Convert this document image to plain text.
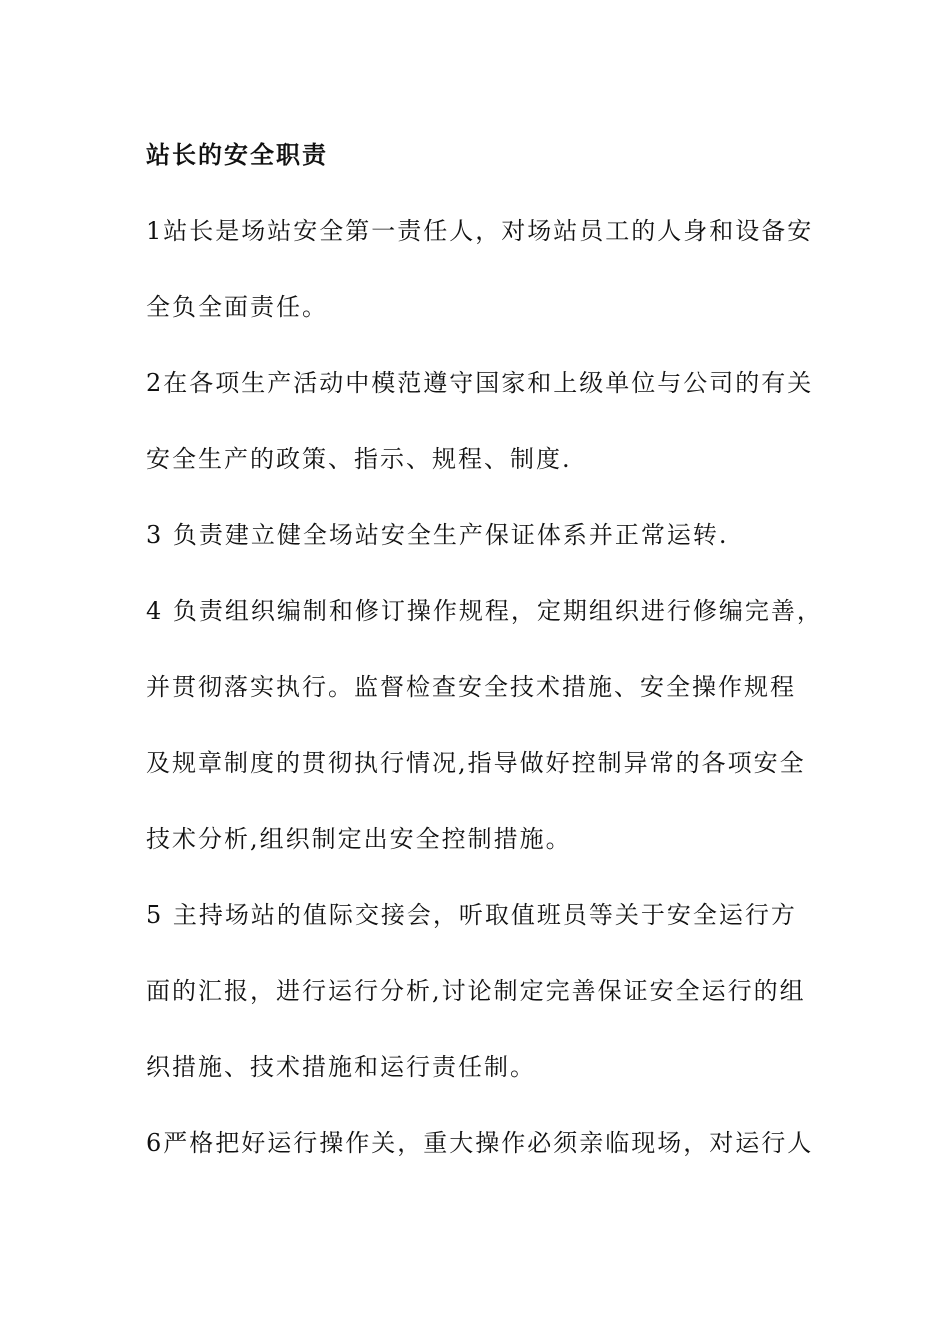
站长的安全职责
1站长是场站安全第一责任人，对场站员工的人身和设备安
全负全面责任。
2在各项生产活动中模范遵守国家和上级单位与公司的有关
安全生产的政策、指示、规程、制度.
3 负责建立健全场站安全生产保证体系并正常运转.
4 负责组织编制和修订操作规程，定期组织进行修编完善，
并贯彻落实执行。监督检查安全技术措施、安全操作规程
及规章制度的贯彻执行情况,指导做好控制异常的各项安全
技术分析,组织制定出安全控制措施。
5 主持场站的值际交接会，听取值班员等关于安全运行方
面的汇报，进行运行分析,讨论制定完善保证安全运行的组
织措施、技术措施和运行责任制。
6严格把好运行操作关，重大操作必须亲临现场，对运行人
